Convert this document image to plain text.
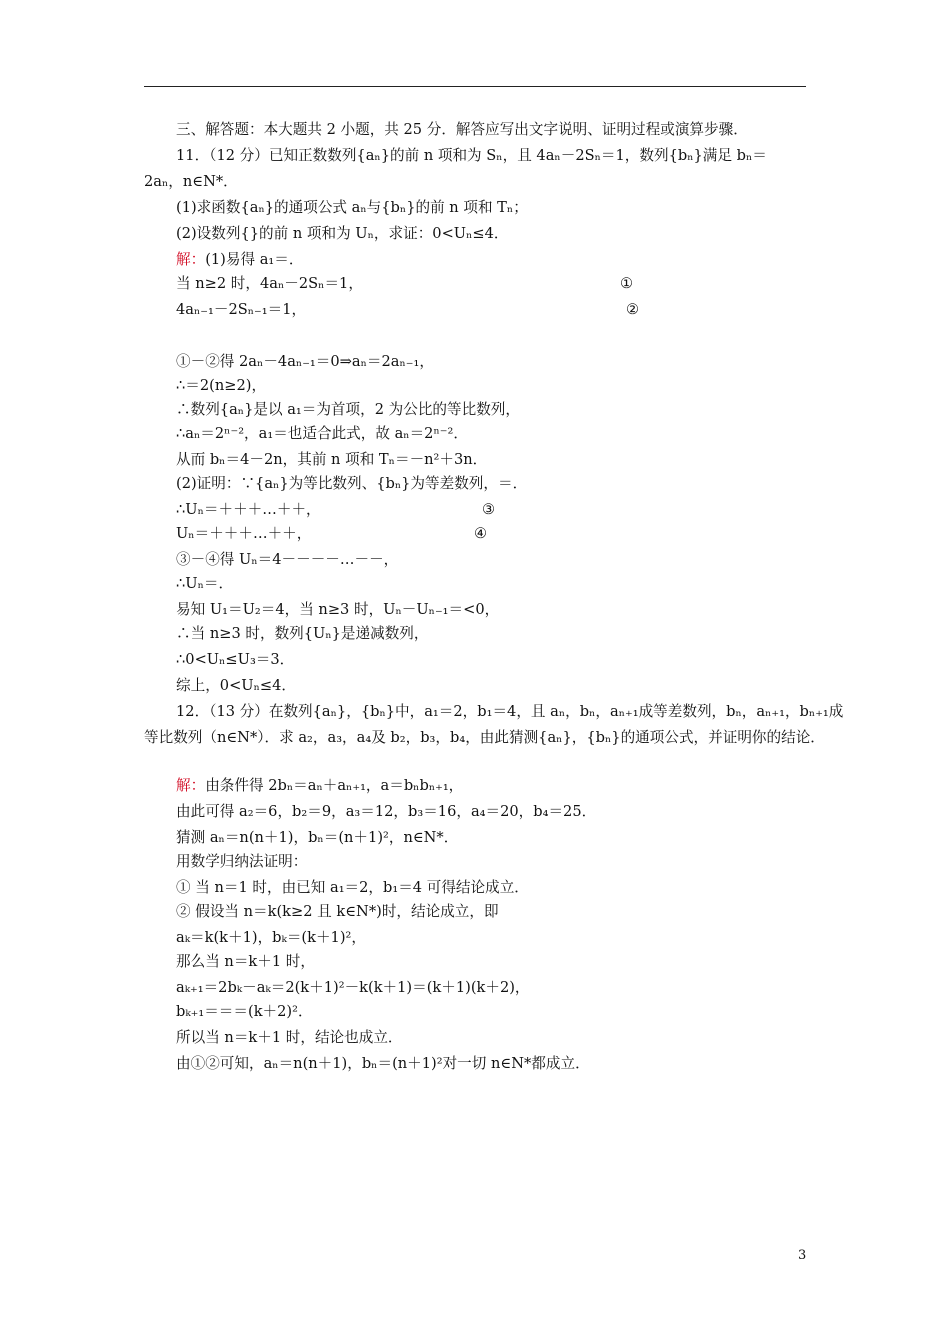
三、解答题：本大题共 2 小题，共 25 分．解答应写出文字说明、证明过程或演算步骤．
11．（12 分）已知正数数列{aₙ}的前 n 项和为 Sₙ，且 4aₙ－2Sₙ＝1，数列{bₙ}满足 bₙ＝
2aₙ，n∈N*．
(1)求函数{aₙ}的通项公式 aₙ与{bₙ}的前 n 项和 Tₙ；
(2)设数列{}的前 n 项和为 Uₙ，求证：0<Uₙ≤4．
解：(1)易得 a₁＝．
当 n≥2 时，4aₙ－2Sₙ＝1，	①
4aₙ₋₁－2Sₙ₋₁＝1，	②
①－②得 2aₙ－4aₙ₋₁＝0⇒aₙ＝2aₙ₋₁，
∴＝2(n≥2)，
∴数列{aₙ}是以 a₁＝为首项，2 为公比的等比数列，
∴aₙ＝2ⁿ⁻²，a₁＝也适合此式，故 aₙ＝2ⁿ⁻²．
从而 bₙ＝4－2n，其前 n 项和 Tₙ＝－n²＋3n．
(2)证明：∵{aₙ}为等比数列、{bₙ}为等差数列，＝．
∴Uₙ＝＋＋＋…＋＋，	③
Uₙ＝＋＋＋…＋＋，	④
③－④得 Uₙ＝4－－－－…－－，
∴Uₙ＝．
易知 U₁＝U₂＝4，当 n≥3 时，Uₙ－Uₙ₋₁＝<0，
∴当 n≥3 时，数列{Uₙ}是递减数列，
∴0<Uₙ≤U₃＝3．
综上，0<Uₙ≤4．
12．（13 分）在数列{aₙ}，{bₙ}中，a₁＝2，b₁＝4，且 aₙ，bₙ，aₙ₊₁成等差数列，bₙ，aₙ₊₁，bₙ₊₁成
等比数列（n∈N*）．求 a₂，a₃，a₄及 b₂，b₃，b₄，由此猜测{aₙ}，{bₙ}的通项公式，并证明你的结论．
解：由条件得 2bₙ＝aₙ＋aₙ₊₁，a＝bₙbₙ₊₁，
由此可得 a₂＝6，b₂＝9，a₃＝12，b₃＝16，a₄＝20，b₄＝25．
猜测 aₙ＝n(n＋1)，bₙ＝(n＋1)²，n∈N*．
用数学归纳法证明：
① 当 n＝1 时，由已知 a₁＝2，b₁＝4 可得结论成立．
② 假设当 n＝k(k≥2 且 k∈N*)时，结论成立，即
aₖ＝k(k＋1)，bₖ＝(k＋1)²，
那么当 n＝k＋1 时，
aₖ₊₁＝2bₖ－aₖ＝2(k＋1)²－k(k＋1)＝(k＋1)(k＋2)，
bₖ₊₁＝＝＝(k＋2)²．
所以当 n＝k＋1 时，结论也成立．
由①②可知，aₙ＝n(n＋1)，bₙ＝(n＋1)²对一切 n∈N*都成立．
3
